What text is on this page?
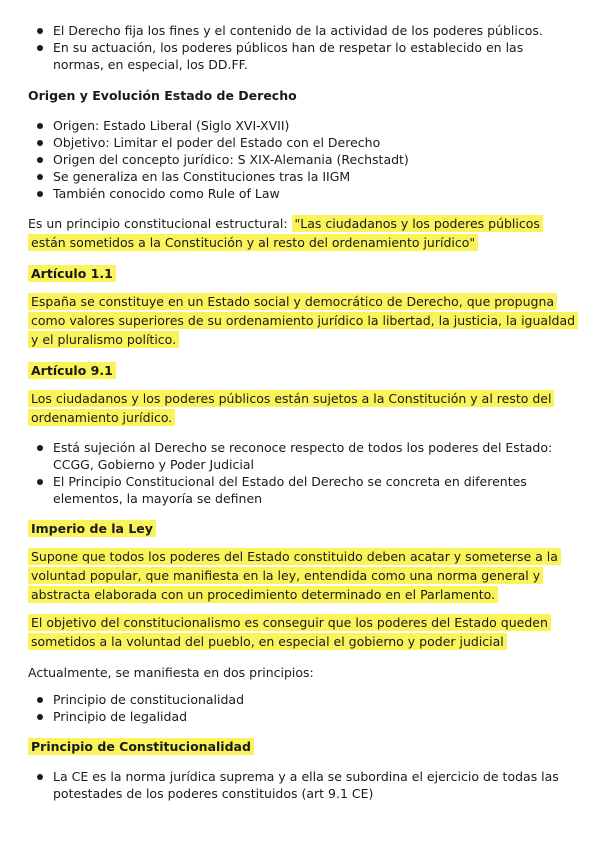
El Derecho fija los fines y el contenido de la actividad de los poderes públicos.
En su actuación, los poderes públicos han de respetar lo establecido en las normas, en especial, los DD.FF.
Origen y Evolución Estado de Derecho
Origen: Estado Liberal (Siglo XVI-XVII)
Objetivo: Limitar el poder del Estado con el Derecho
Origen del concepto jurídico: S XIX-Alemania (Rechstadt)
Se generaliza en las Constituciones tras la IIGM
También conocido como Rule of Law
Es un principio constitucional estructural: "Las ciudadanos y los poderes públicos están sometidos a la Constitución y al resto del ordenamiento jurídico"
Artículo 1.1
España se constituye en un Estado social y democrático de Derecho, que propugna como valores superiores de su ordenamiento jurídico la libertad, la justicia, la igualdad y el pluralismo político.
Artículo 9.1
Los ciudadanos y los poderes públicos están sujetos a la Constitución y al resto del ordenamiento jurídico.
Está sujeción al Derecho se reconoce respecto de todos los poderes del Estado: CCGG, Gobierno y Poder Judicial
El Principio Constitucional del Estado del Derecho se concreta en diferentes elementos, la mayoría se definen
Imperio de la Ley
Supone que todos los poderes del Estado constituido deben acatar y someterse a la voluntad popular, que manifiesta en la ley, entendida como una norma general y abstracta elaborada con un procedimiento determinado en el Parlamento.
El objetivo del constitucionalismo es conseguir que los poderes del Estado queden sometidos a la voluntad del pueblo, en especial el gobierno y poder judicial
Actualmente, se manifiesta en dos principios:
Principio de constitucionalidad
Principio de legalidad
Principio de Constitucionalidad
La CE es la norma jurídica suprema y a ella se subordina el ejercicio de todas las potestades de los poderes constituidos (art 9.1 CE)
